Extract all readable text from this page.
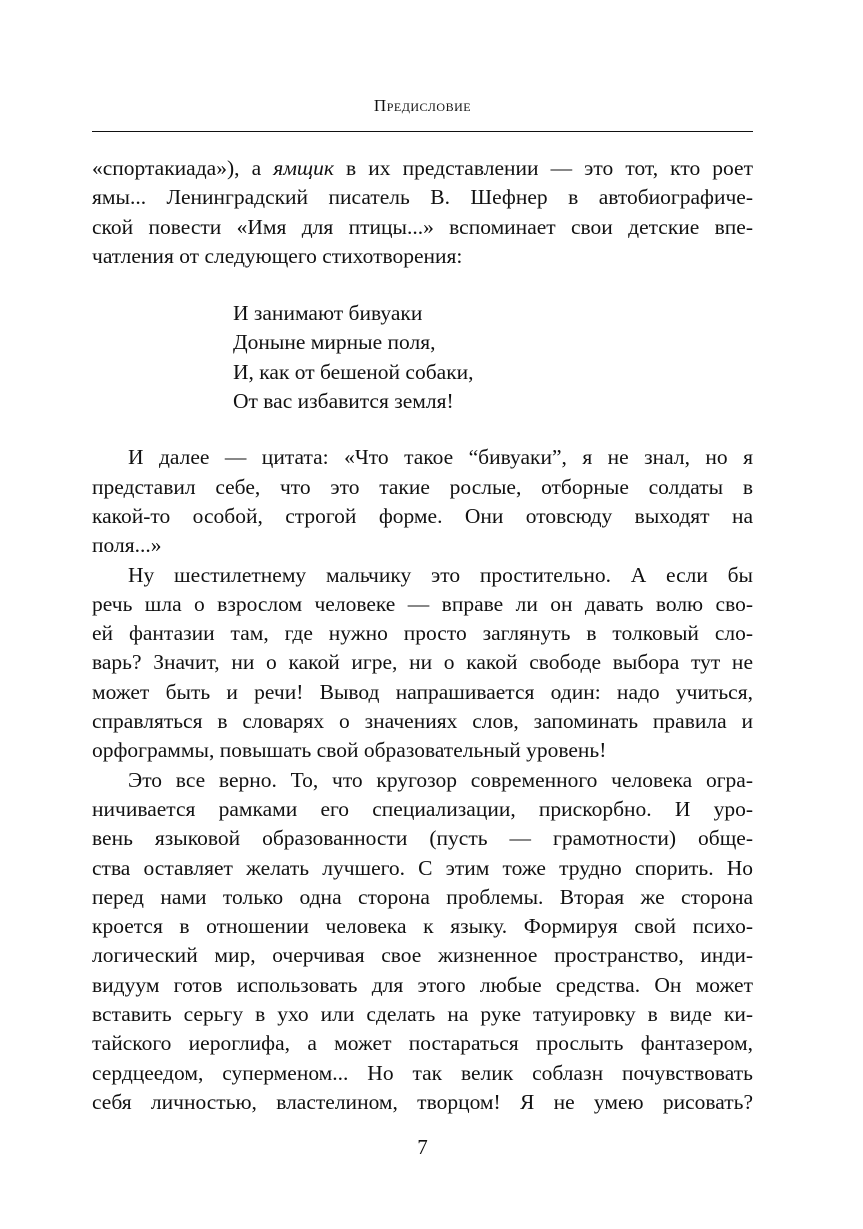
Предисловие
«спортакиада»), а ямщик в их представлении — это тот, кто роет
ямы... Ленинградский писатель В. Шефнер в автобиографиче-
ской повести «Имя для птицы...» вспоминает свои детские впе-
чатления от следующего стихотворения:
И занимают бивуаки
Доныне мирные поля,
И, как от бешеной собаки,
От вас избавится земля!
И далее — цитата: «Что такое “бивуаки”, я не знал, но я
представил себе, что это такие рослые, отборные солдаты в
какой-то особой, строгой форме. Они отовсюду выходят на
поля...»
Ну шестилетнему мальчику это простительно. А если бы
речь шла о взрослом человеке — вправе ли он давать волю сво-
ей фантазии там, где нужно просто заглянуть в толковый сло-
варь? Значит, ни о какой игре, ни о какой свободе выбора тут не
может быть и речи! Вывод напрашивается один: надо учиться,
справляться в словарях о значениях слов, запоминать правила и
орфограммы, повышать свой образовательный уровень!
Это все верно. То, что кругозор современного человека огра-
ничивается рамками его специализации, прискорбно. И уро-
вень языковой образованности (пусть — грамотности) обще-
ства оставляет желать лучшего. С этим тоже трудно спорить. Но
перед нами только одна сторона проблемы. Вторая же сторона
кроется в отношении человека к языку. Формируя свой психо-
логический мир, очерчивая свое жизненное пространство, инди-
видуум готов использовать для этого любые средства. Он может
вставить серьгу в ухо или сделать на руке татуировку в виде ки-
тайского иероглифа, а может постараться прослыть фантазером,
сердцеедом, суперменом... Но так велик соблазн почувствовать
себя личностью, властелином, творцом! Я не умею рисовать?
7
